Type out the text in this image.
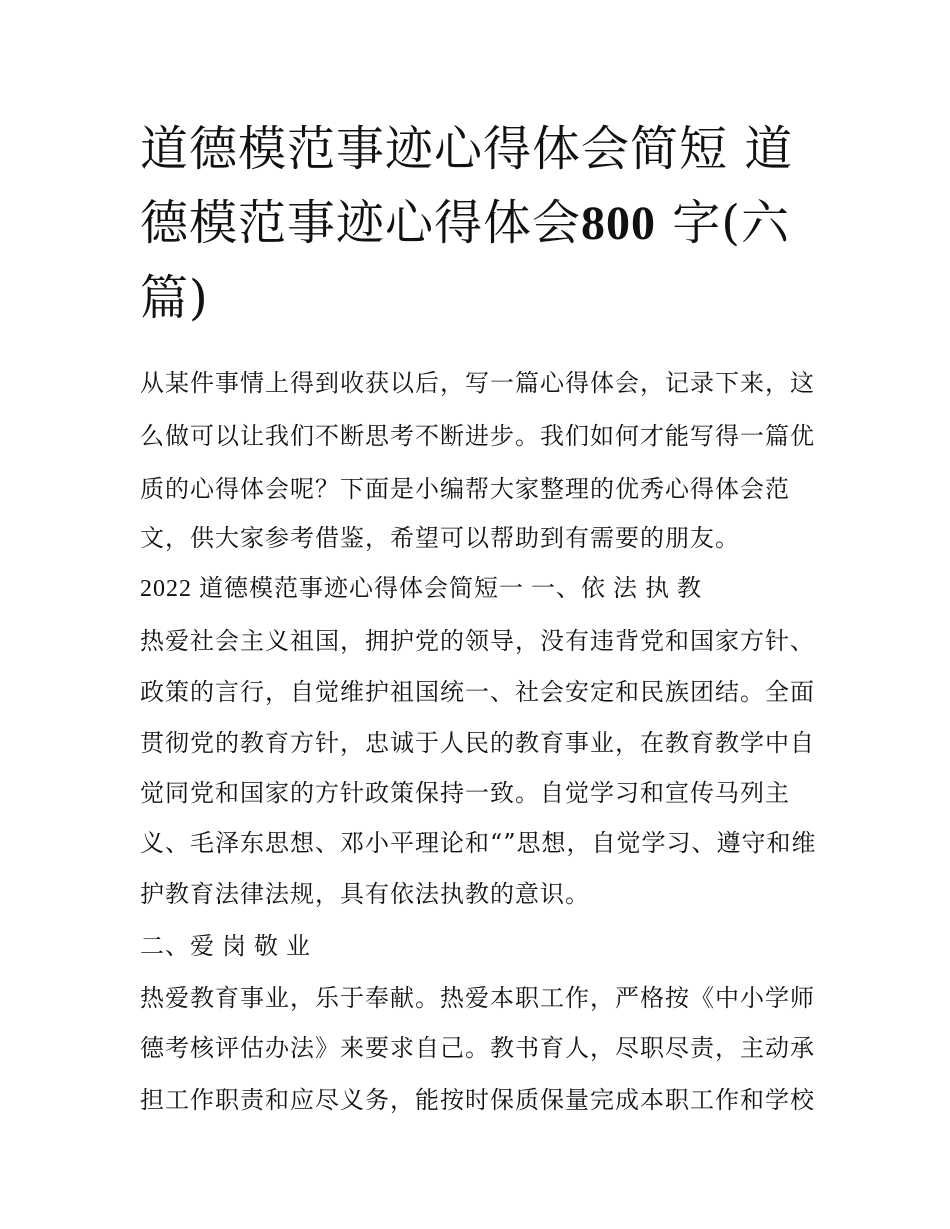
道德模范事迹心得体会简短 道
德模范事迹心得体会800 字(六
篇)
从某件事情上得到收获以后，写一篇心得体会，记录下来，这
么做可以让我们不断思考不断进步。我们如何才能写得一篇优
质的心得体会呢？下面是小编帮大家整理的优秀心得体会范
文，供大家参考借鉴，希望可以帮助到有需要的朋友。
2022 道德模范事迹心得体会简短一 一、依 法 执 教
热爱社会主义祖国，拥护党的领导，没有违背党和国家方针、
政策的言行，自觉维护祖国统一、社会安定和民族团结。全面
贯彻党的教育方针，忠诚于人民的教育事业，在教育教学中自
觉同党和国家的方针政策保持一致。自觉学习和宣传马列主
义、毛泽东思想、邓小平理论和“”思想，自觉学习、遵守和维
护教育法律法规，具有依法执教的意识。
二、爱 岗 敬 业
热爱教育事业，乐于奉献。热爱本职工作，严格按《中小学师
德考核评估办法》来要求自己。教书育人，尽职尽责，主动承
担工作职责和应尽义务，能按时保质保量完成本职工作和学校
